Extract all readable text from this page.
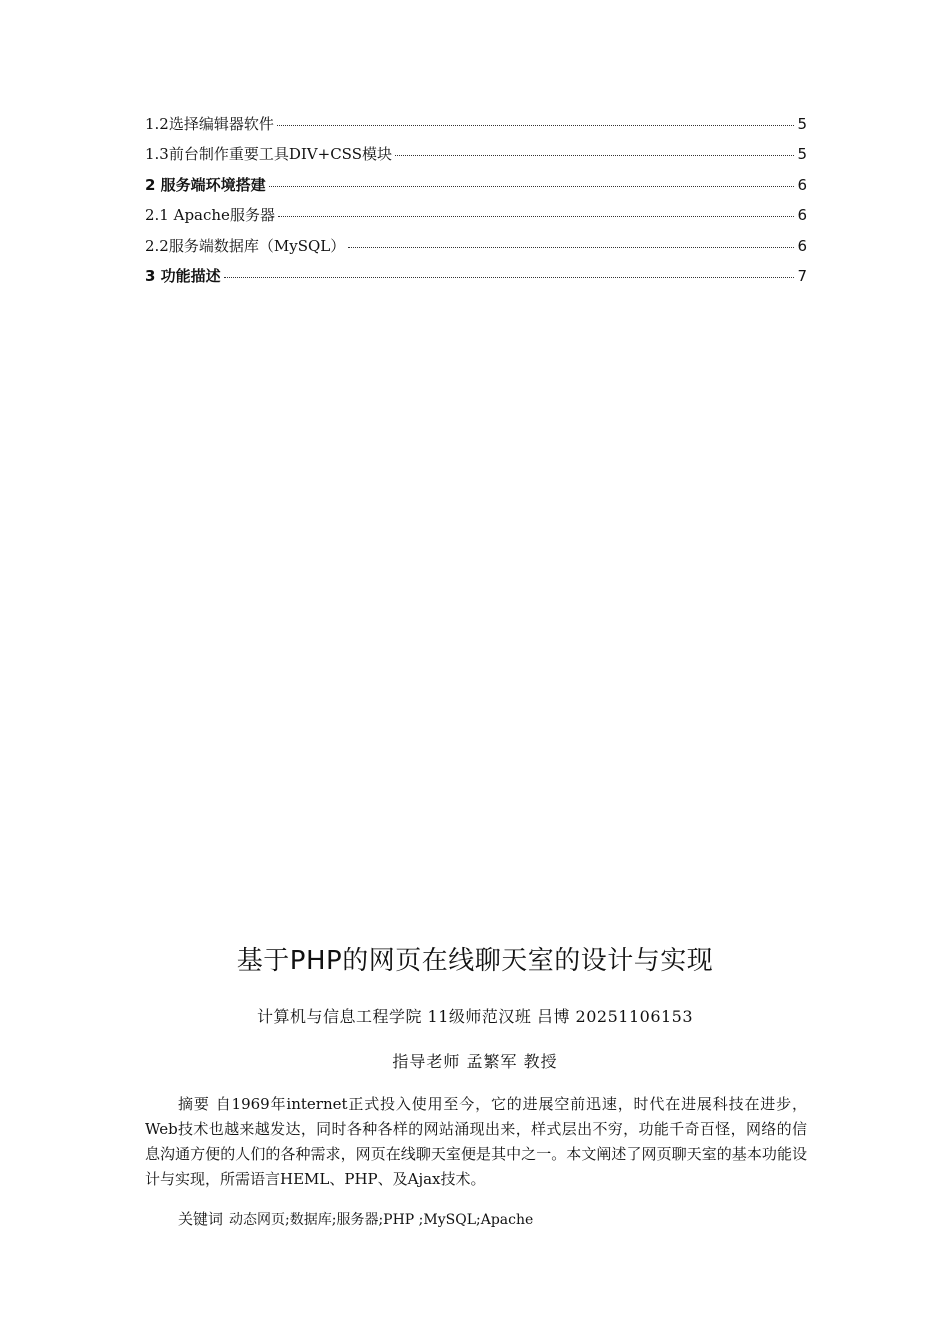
1.2选择编辑器软件	5
1.3前台制作重要工具DIV+CSS模块	5
2 服务端环境搭建	6
2.1 Apache服务器	6
2.2服务端数据库（MySQL）	6
3 功能描述	7
基于PHP的网页在线聊天室的设计与实现
计算机与信息工程学院 11级师范汉班 吕博 20251106153
指导老师 孟繁军 教授
摘要 自1969年internet正式投入使用至今，它的进展空前迅速，时代在进展科技在进步，Web技术也越来越发达，同时各种各样的网站涌现出来，样式层出不穷，功能千奇百怪，网络的信息沟通方便的人们的各种需求，网页在线聊天室便是其中之一。本文阐述了网页聊天室的基本功能设计与实现，所需语言HEML、PHP、及Ajax技术。
关键词 动态网页;数据库;服务器;PHP ;MySQL;Apache
